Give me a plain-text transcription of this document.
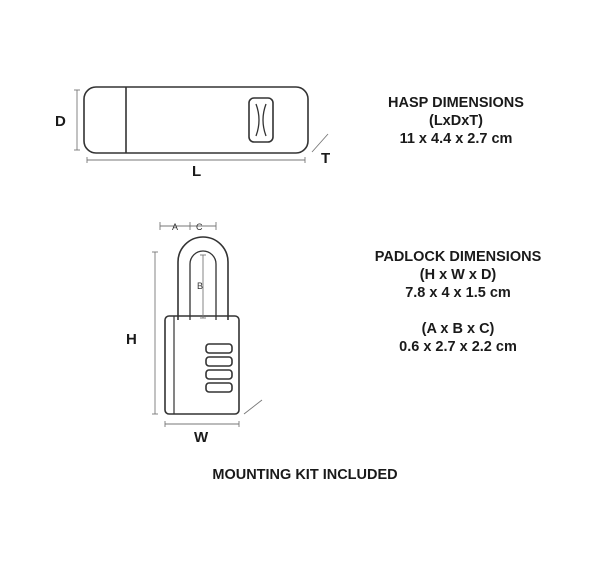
A C
B
D
L
T
H
W
HASP DIMENSIONS
(LxDxT)
11 x 4.4 x 2.7 cm
PADLOCK DIMENSIONS
(H x W x D)
7.8 x 4 x 1.5 cm
(A x B x C)
0.6 x 2.7 x 2.2 cm
MOUNTING KIT INCLUDED
